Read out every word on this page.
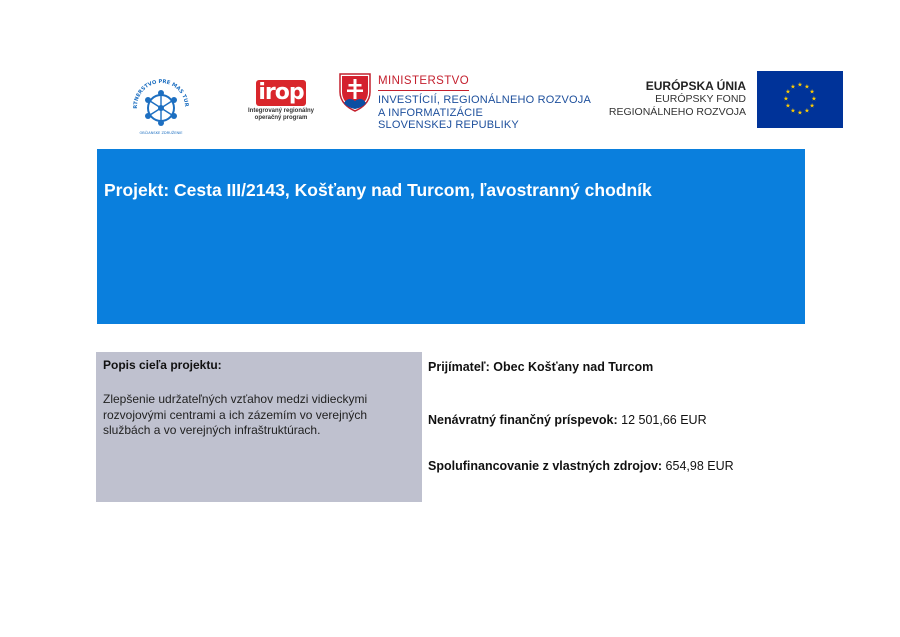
RTNERSTVO PRE MAS TUR
OBČIANSKE ZDRUŽENIE
irop
Integrovaný regionálny
operačný program
MINISTERSTVO
INVESTÍCIÍ, REGIONÁLNEHO ROZVOJA
A INFORMATIZÁCIE
SLOVENSKEJ REPUBLIKY
EURÓPSKA ÚNIA
EURÓPSKY FOND
REGIONÁLNEHO ROZVOJA
★ ★
★
★
★
★
★
★
★
★
★
★
Projekt: Cesta III/2143, Košťany nad Turcom, ľavostranný chodník
Popis cieľa projektu:
Zlepšenie udržateľných vzťahov medzi vidieckymi rozvojovými centrami a ich zázemím vo verejných službách a vo verejných infraštruktúrach.
Prijímateľ: Obec Košťany nad Turcom
Nenávratný finančný príspevok: 12 501,66 EUR
Spolufinancovanie z vlastných zdrojov: 654,98 EUR
